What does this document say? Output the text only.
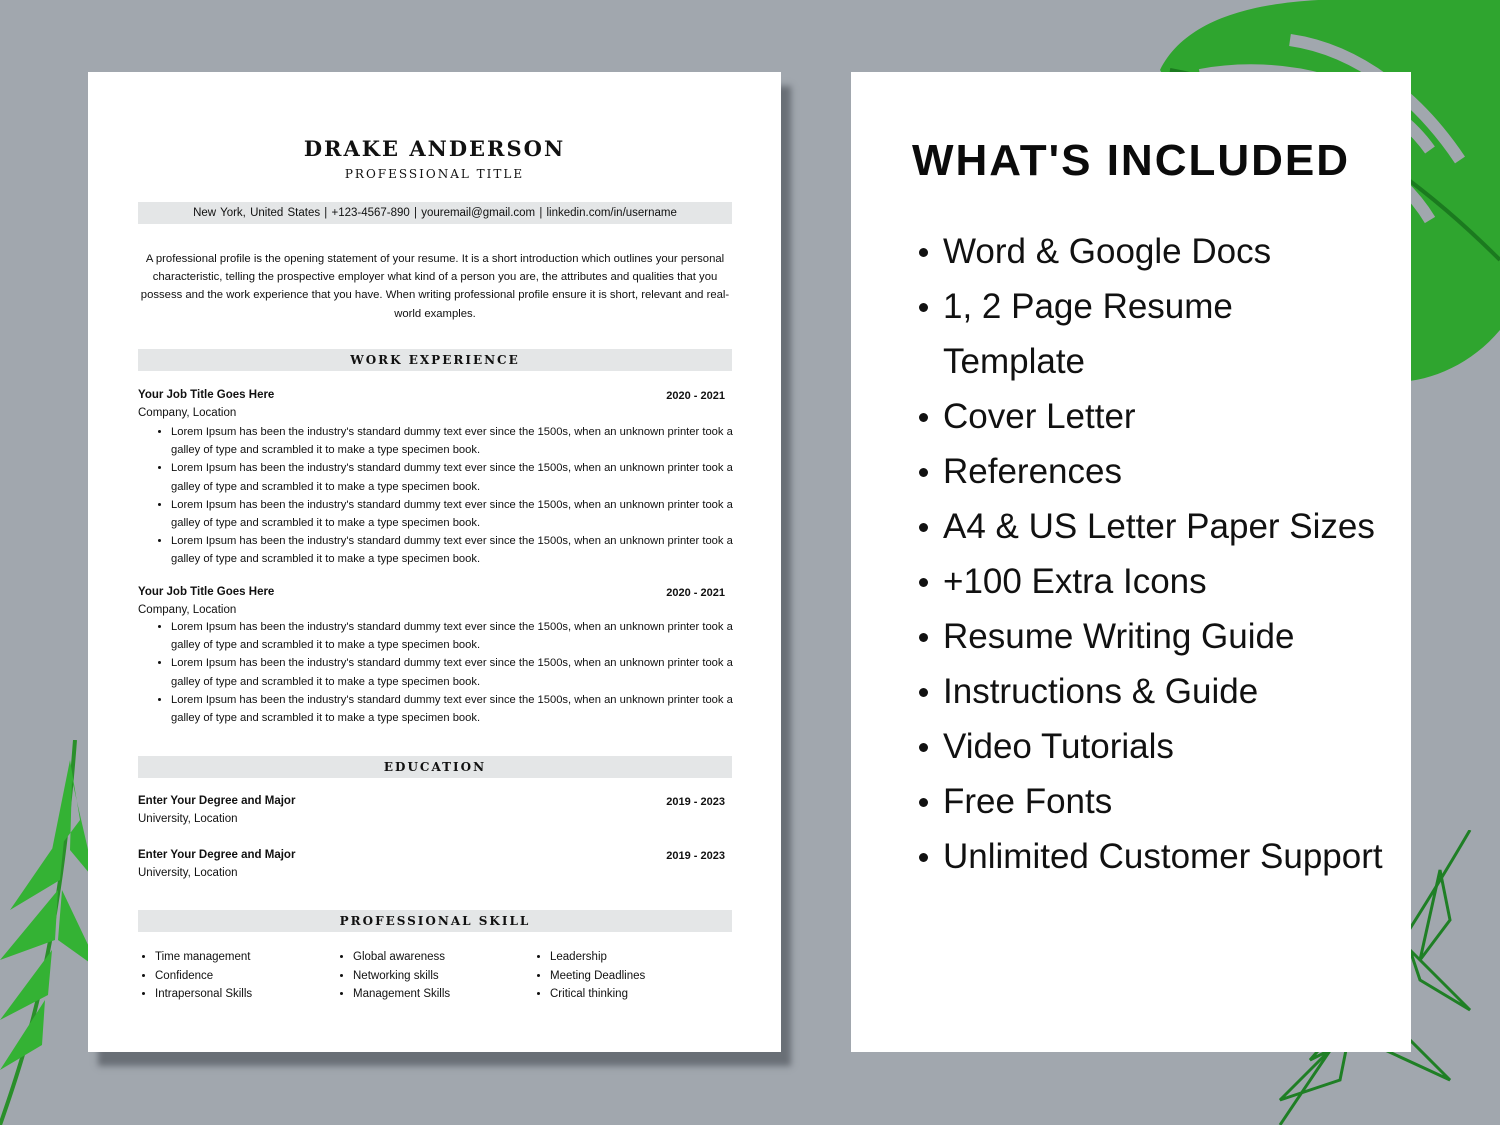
DRAKE ANDERSON
PROFESSIONAL TITLE
New York, United States | +123-4567-890 | youremail@gmail.com | linkedin.com/in/username
A professional profile is the opening statement of your resume. It is a short introduction which outlines your personal characteristic, telling the prospective employer what kind of a person you are, the attributes and qualities that you possess and the work experience that you have. When writing professional profile ensure it is short, relevant and real-world examples.
WORK EXPERIENCE
Your Job Title Goes Here	2020 - 2021
Company, Location
• Lorem Ipsum has been the industry's standard dummy text ever since the 1500s, when an unknown printer took a galley of type and scrambled it to make a type specimen book.
• Lorem Ipsum has been the industry's standard dummy text ever since the 1500s, when an unknown printer took a galley of type and scrambled it to make a type specimen book.
• Lorem Ipsum has been the industry's standard dummy text ever since the 1500s, when an unknown printer took a galley of type and scrambled it to make a type specimen book.
• Lorem Ipsum has been the industry's standard dummy text ever since the 1500s, when an unknown printer took a galley of type and scrambled it to make a type specimen book.
Your Job Title Goes Here	2020 - 2021
Company, Location
• Lorem Ipsum has been the industry's standard dummy text ever since the 1500s, when an unknown printer took a galley of type and scrambled it to make a type specimen book.
• Lorem Ipsum has been the industry's standard dummy text ever since the 1500s, when an unknown printer took a galley of type and scrambled it to make a type specimen book.
• Lorem Ipsum has been the industry's standard dummy text ever since the 1500s, when an unknown printer took a galley of type and scrambled it to make a type specimen book.
EDUCATION
Enter Your Degree and Major	2019 - 2023
University, Location
Enter Your Degree and Major	2019 - 2023
University, Location
PROFESSIONAL SKILL
• Time management
• Confidence
• Intrapersonal Skills
• Global awareness
• Networking skills
• Management Skills
• Leadership
• Meeting Deadlines
• Critical thinking
WHAT'S INCLUDED
Word & Google Docs
1, 2 Page Resume Template
Cover Letter
References
A4 & US Letter Paper Sizes
+100 Extra Icons
Resume Writing Guide
Instructions & Guide
Video Tutorials
Free Fonts
Unlimited Customer Support
